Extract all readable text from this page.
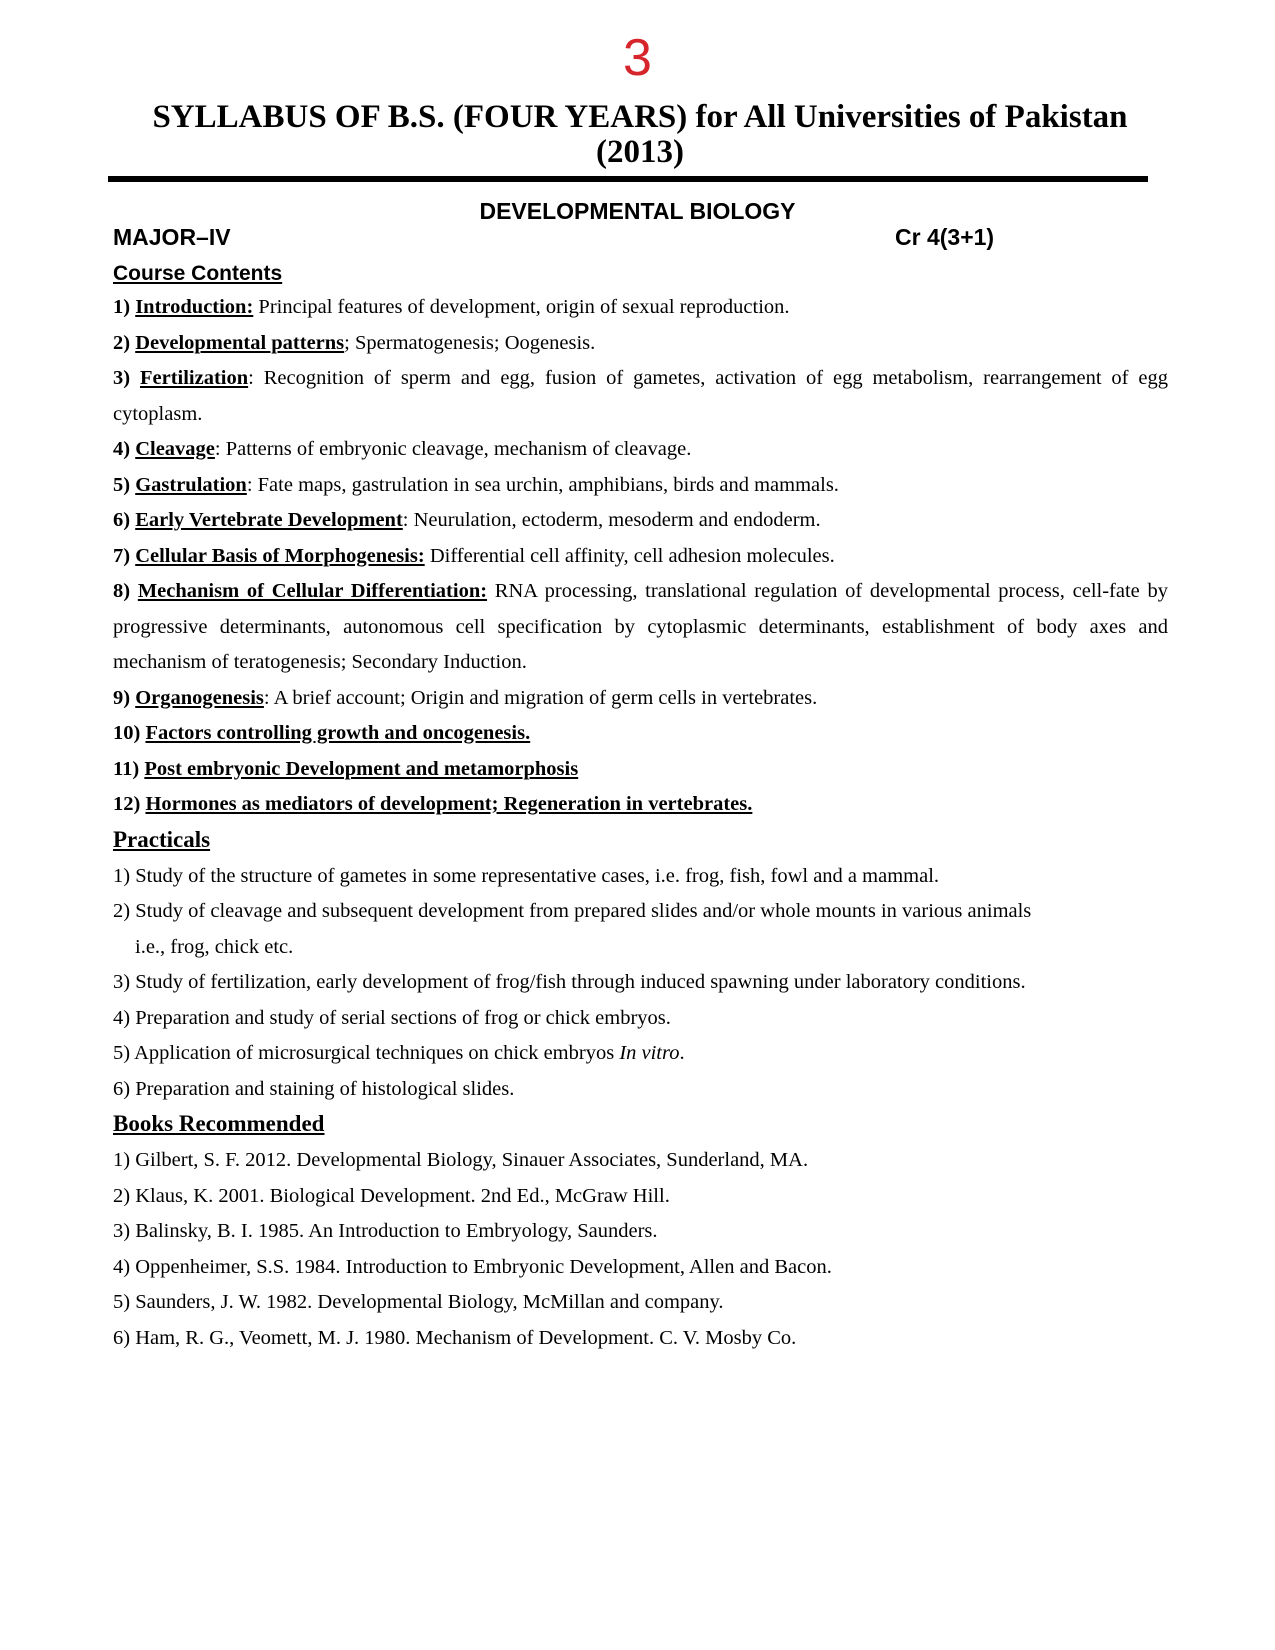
3
SYLLABUS OF B.S. (FOUR YEARS) for All Universities of Pakistan
(2013)
DEVELOPMENTAL BIOLOGY
MAJOR–IV	Cr 4(3+1)
Course Contents
1) Introduction: Principal features of development, origin of sexual reproduction.
2) Developmental patterns; Spermatogenesis; Oogenesis.
3) Fertilization: Recognition of sperm and egg, fusion of gametes, activation of egg metabolism, rearrangement of egg cytoplasm.
4) Cleavage: Patterns of embryonic cleavage, mechanism of cleavage.
5) Gastrulation: Fate maps, gastrulation in sea urchin, amphibians, birds and mammals.
6) Early Vertebrate Development: Neurulation, ectoderm, mesoderm and endoderm.
7) Cellular Basis of Morphogenesis: Differential cell affinity, cell adhesion molecules.
8) Mechanism of Cellular Differentiation: RNA processing, translational regulation of developmental process, cell-fate by progressive determinants, autonomous cell specification by cytoplasmic determinants, establishment of body axes and mechanism of teratogenesis; Secondary Induction.
9) Organogenesis: A brief account; Origin and migration of germ cells in vertebrates.
10) Factors controlling growth and oncogenesis.
11) Post embryonic Development and metamorphosis
12) Hormones as mediators of development; Regeneration in vertebrates.
Practicals
1) Study of the structure of gametes in some representative cases, i.e. frog, fish, fowl and a mammal.
2) Study of cleavage and subsequent development from prepared slides and/or whole mounts in various animals
i.e., frog, chick etc.
3) Study of fertilization, early development of frog/fish through induced spawning under laboratory conditions.
4) Preparation and study of serial sections of frog or chick embryos.
5) Application of microsurgical techniques on chick embryos In vitro.
6) Preparation and staining of histological slides.
Books Recommended
1) Gilbert, S. F. 2012. Developmental Biology, Sinauer Associates, Sunderland, MA.
2) Klaus, K. 2001. Biological Development. 2nd Ed., McGraw Hill.
3) Balinsky, B. I. 1985. An Introduction to Embryology, Saunders.
4) Oppenheimer, S.S. 1984. Introduction to Embryonic Development, Allen and Bacon.
5) Saunders, J. W. 1982. Developmental Biology, McMillan and company.
6) Ham, R. G., Veomett, M. J. 1980. Mechanism of Development. C. V. Mosby Co.
